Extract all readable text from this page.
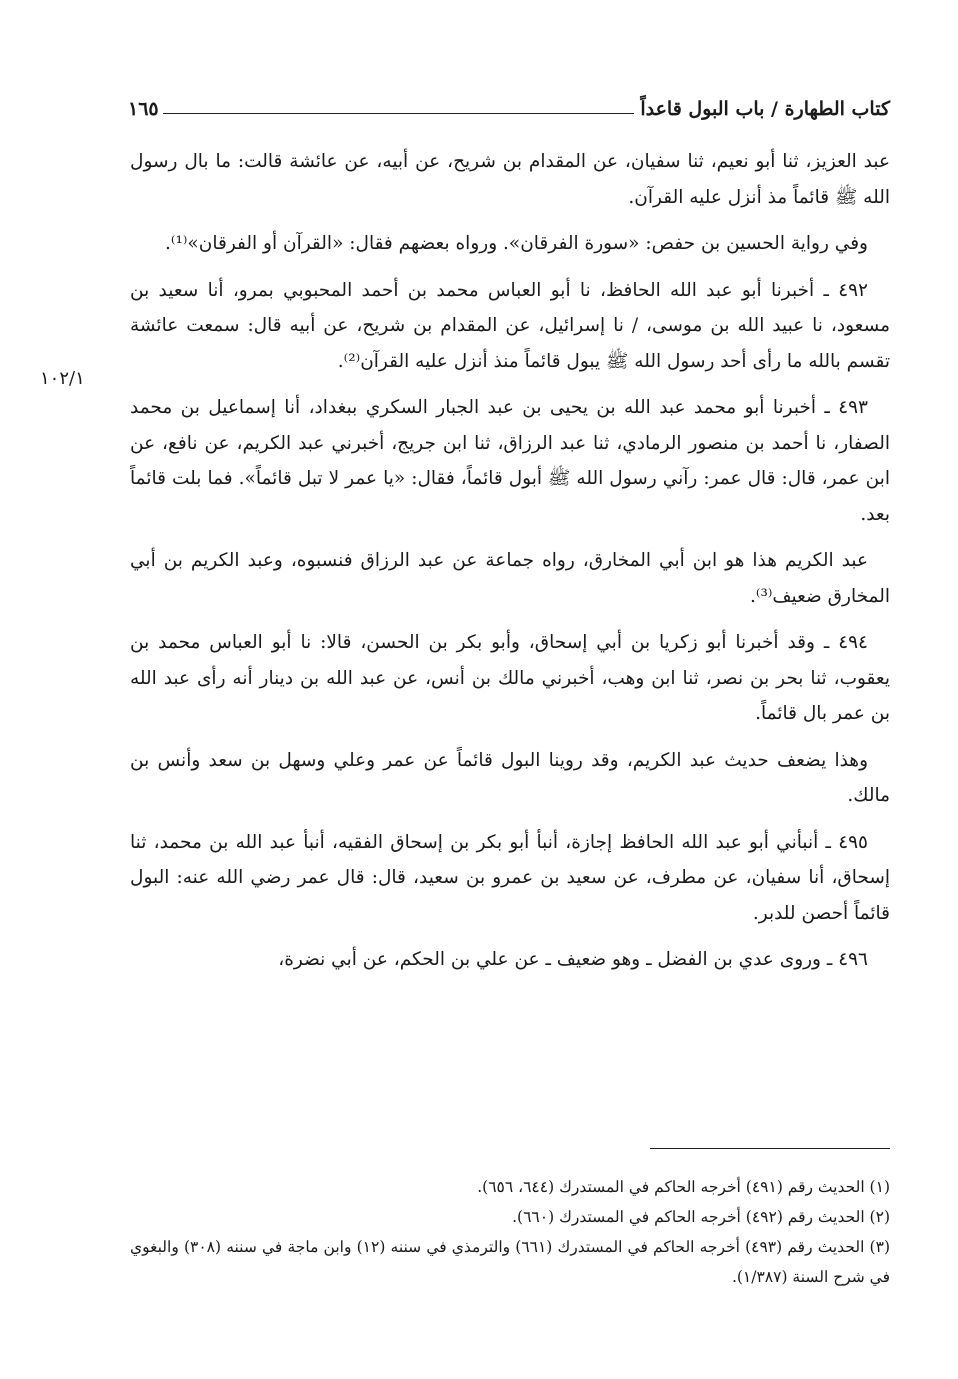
كتاب الطهارة / باب البول قاعداً
١٦٥
١٠٢/١

عبد العزيز، ثنا أبو نعيم، ثنا سفيان، عن المقدام بن شريح، عن أبيه، عن عائشة قالت: ما بال رسول الله ﷺ قائماً مذ أنزل عليه القرآن.

وفي رواية الحسين بن حفص: «سورة الفرقان». ورواه بعضهم فقال: «القرآن أو الفرقان»⁽¹⁾.

٤٩٢ ـ أخبرنا أبو عبد الله الحافظ، نا أبو العباس محمد بن أحمد المحبوبي بمرو، أنا سعيد بن مسعود، نا عبيد الله بن موسى، / نا إسرائيل، عن المقدام بن شريح، عن أبيه قال: سمعت عائشة تقسم بالله ما رأى أحد رسول الله ﷺ يبول قائماً منذ أنزل عليه القرآن⁽²⁾.

٤٩٣ ـ أخبرنا أبو محمد عبد الله بن يحيى بن عبد الجبار السكري ببغداد، أنا إسماعيل بن محمد الصفار، نا أحمد بن منصور الرمادي، ثنا عبد الرزاق، ثنا ابن جريج، أخبرني عبد الكريم، عن نافع، عن ابن عمر، قال: قال عمر: رآني رسول الله ﷺ أبول قائماً، فقال: «يا عمر لا تبل قائماً». فما بلت قائماً بعد.

عبد الكريم هذا هو ابن أبي المخارق، رواه جماعة عن عبد الرزاق فنسبوه، وعبد الكريم بن أبي المخارق ضعيف⁽³⁾.

٤٩٤ ـ وقد أخبرنا أبو زكريا بن أبي إسحاق، وأبو بكر بن الحسن، قالا: نا أبو العباس محمد بن يعقوب، ثنا بحر بن نصر، ثنا ابن وهب، أخبرني مالك بن أنس، عن عبد الله بن دينار أنه رأى عبد الله بن عمر بال قائماً.

وهذا يضعف حديث عبد الكريم، وقد روينا البول قائماً عن عمر وعلي وسهل بن سعد وأنس بن مالك.

٤٩٥ ـ أنبأني أبو عبد الله الحافظ إجازة، أنبأ أبو بكر بن إسحاق الفقيه، أنبأ عبد الله بن محمد، ثنا إسحاق، أنا سفيان، عن مطرف، عن سعيد بن عمرو بن سعيد، قال: قال عمر رضي الله عنه: البول قائماً أحصن للدبر.

٤٩٦ ـ وروى عدي بن الفضل ـ وهو ضعيف ـ عن علي بن الحكم، عن أبي نضرة،

(١) الحديث رقم (٤٩١) أخرجه الحاكم في المستدرك (٦٤٤، ٦٥٦).

(٢) الحديث رقم (٤٩٢) أخرجه الحاكم في المستدرك (٦٦٠).

(٣) الحديث رقم (٤٩٣) أخرجه الحاكم في المستدرك (٦٦١) والترمذي في سننه (١٢) وابن ماجة في سننه (٣٠٨) والبغوي في شرح السنة (١/٣٨٧).
